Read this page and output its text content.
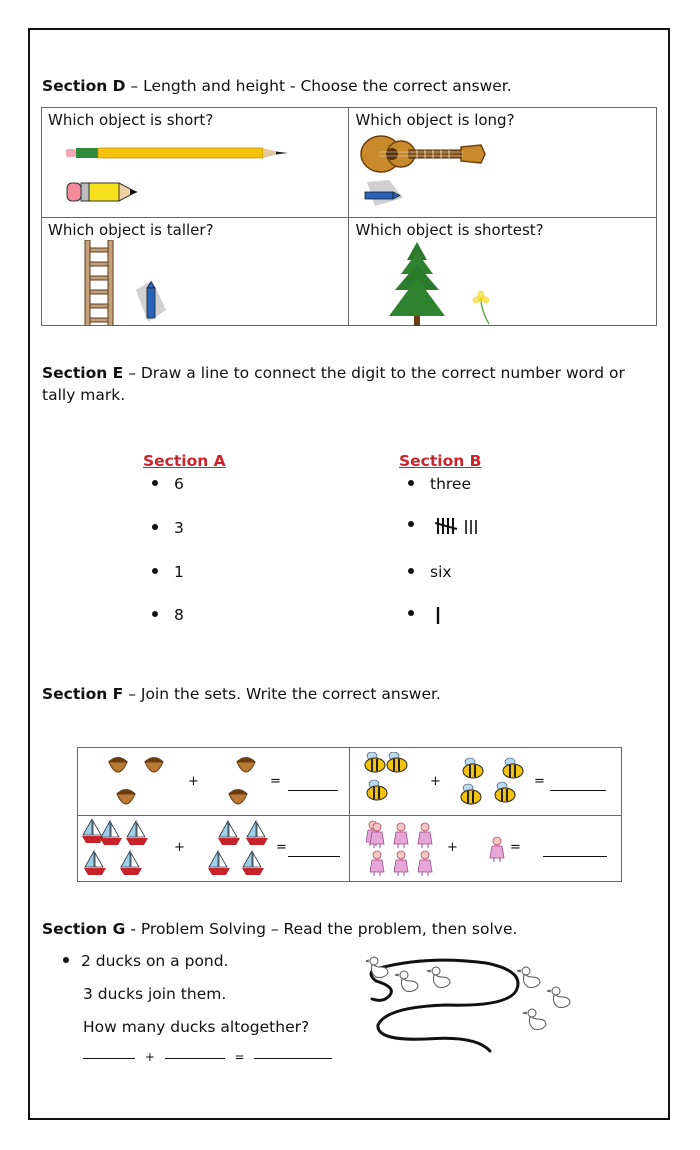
Section D – Length and height - Choose the correct answer.
Which object is short?	Which object is long?

Which object is taller?	Which object is shortest?
Section E – Draw a line to connect the digit to the correct number word or tally mark.
Section A	Section B
6
3
1
8
three

six

Section F – Join the sets. Write the correct answer.
+ =	+ =

+ =	+ =
Section G - Problem Solving – Read the problem, then solve.
2 ducks on a pond.
3 ducks join them.
How many ducks altogether?
+	=
